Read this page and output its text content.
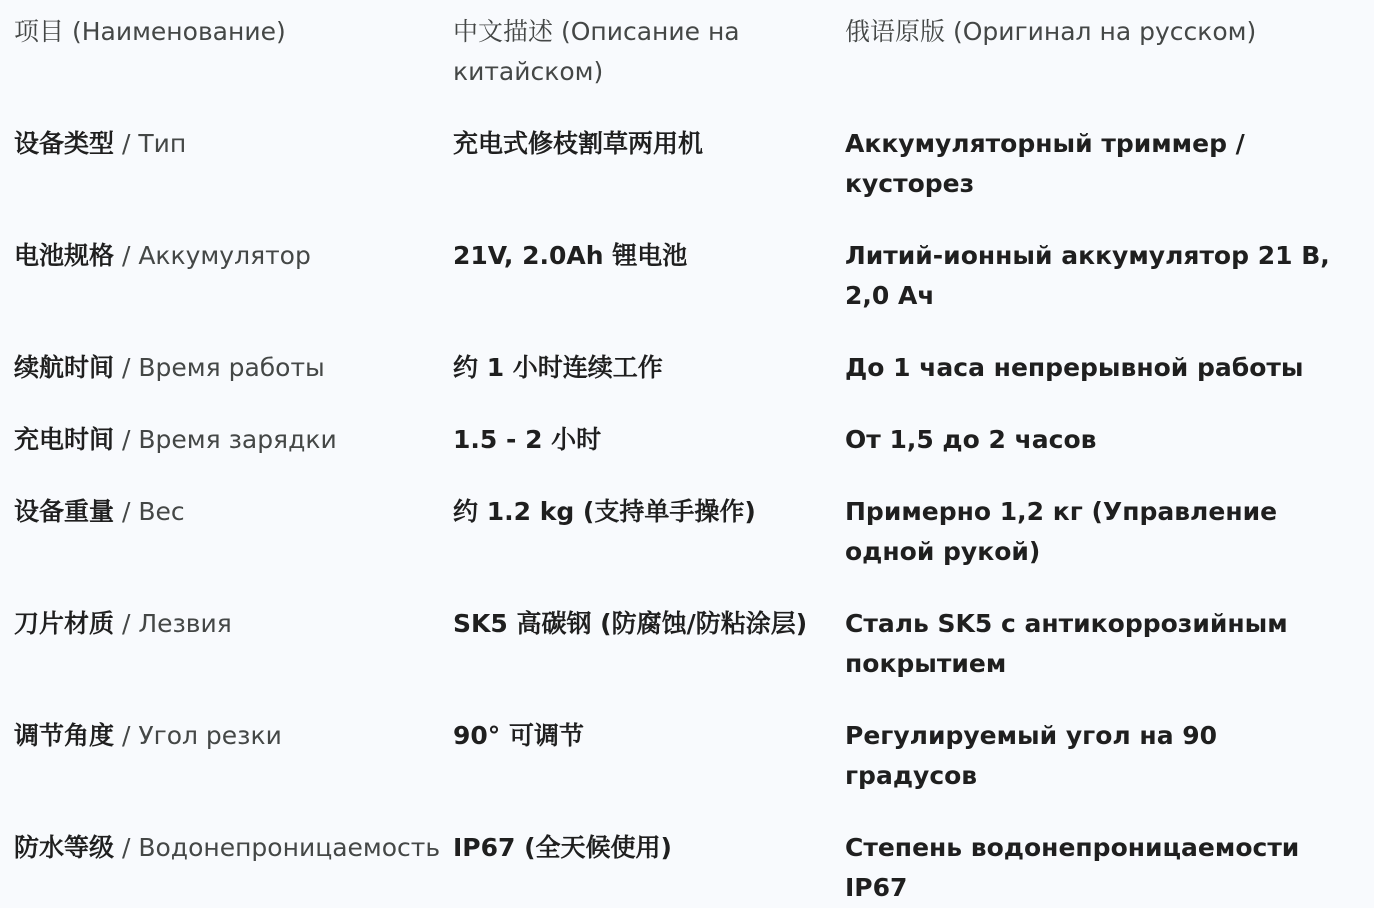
项目 (Наименование)	中文描述 (Описание на китайском)	俄语原版 (Оригинал на русском)
设备类型 / Тип	充电式修枝割草两用机	Аккумуляторный триммер / кусторез
电池规格 / Аккумулятор	21V, 2.0Ah 锂电池	Литий-ионный аккумулятор 21 В, 2,0 Ач
续航时间 / Время работы	约 1 小时连续工作	До 1 часа непрерывной работы
充电时间 / Время зарядки	1.5 - 2 小时	От 1,5 до 2 часов
设备重量 / Вес	约 1.2 kg (支持单手操作)	Примерно 1,2 кг (Управление одной рукой)
刀片材质 / Лезвия	SK5 高碳钢 (防腐蚀/防粘涂层)	Сталь SK5 с антикоррозийным покрытием
调节角度 / Угол резки	90° 可调节	Регулируемый угол на 90 градусов
防水等级 / Водонепроницаемость	IP67 (全天候使用)	Степень водонепроницаемости IP67
